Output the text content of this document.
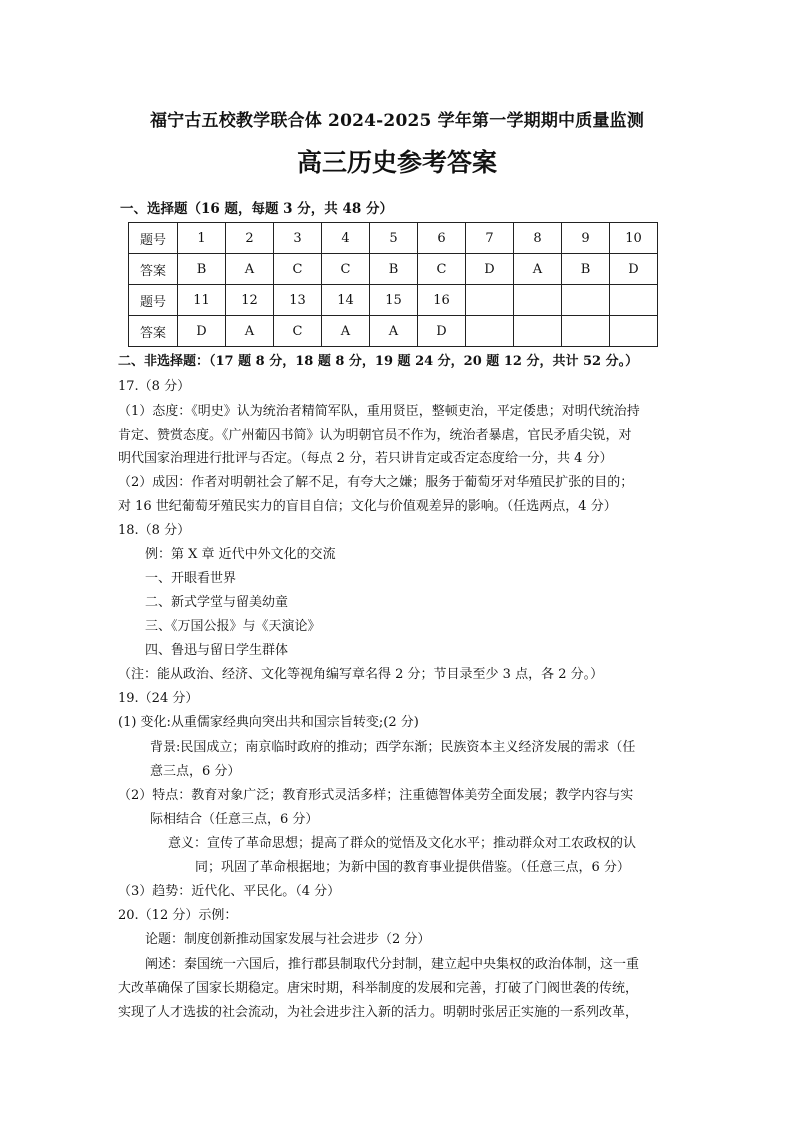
福宁古五校教学联合体 2024-2025 学年第一学期期中质量监测
高三历史参考答案
一、选择题（16 题，每题 3 分，共 48 分）
题号	1	2	3	4	5	6	7	8	9	10
答案	B	A	C	C	B	C	D	A	B	D
题号	11	12	13	14	15	16				
答案	D	A	C	A	A	D				
二、非选择题：（17 题 8 分，18 题 8 分，19 题 24 分，20 题 12 分，共计 52 分。）
17.（8 分）
（1）态度：《明史》认为统治者精简军队，重用贤臣，整顿吏治，平定倭患；对明代统治持
肯定、赞赏态度。《广州葡囚书简》认为明朝官员不作为，统治者暴虐，官民矛盾尖锐，对
明代国家治理进行批评与否定。（每点 2 分，若只讲肯定或否定态度给一分，共 4 分）
（2）成因：作者对明朝社会了解不足，有夸大之嫌；服务于葡萄牙对华殖民扩张的目的；
对 16 世纪葡萄牙殖民实力的盲目自信；文化与价值观差异的影响。（任选两点，4 分）
18.（8 分）
例：第 X 章 近代中外文化的交流
一、开眼看世界
二、新式学堂与留美幼童
三、《万国公报》与《天演论》
四、鲁迅与留日学生群体
（注：能从政治、经济、文化等视角编写章名得 2 分；节目录至少 3 点，各 2 分。）
19.（24 分）
(1) 变化:从重儒家经典向突出共和国宗旨转变;(2 分)
背景:民国成立；南京临时政府的推动；西学东渐；民族资本主义经济发展的需求（任
意三点，6 分）
（2）特点：教育对象广泛；教育形式灵活多样；注重德智体美劳全面发展；教学内容与实
际相结合（任意三点，6 分）
意义：宣传了革命思想；提高了群众的觉悟及文化水平；推动群众对工农政权的认
同；巩固了革命根据地；为新中国的教育事业提供借鉴。（任意三点，6 分）
（3）趋势：近代化、平民化。（4 分）
20.（12 分）示例：
论题：制度创新推动国家发展与社会进步（2 分）
阐述：秦国统一六国后，推行郡县制取代分封制，建立起中央集权的政治体制，这一重
大改革确保了国家长期稳定。唐宋时期，科举制度的发展和完善，打破了门阀世袭的传统，
实现了人才选拔的社会流动，为社会进步注入新的活力。明朝时张居正实施的一系列改革，
